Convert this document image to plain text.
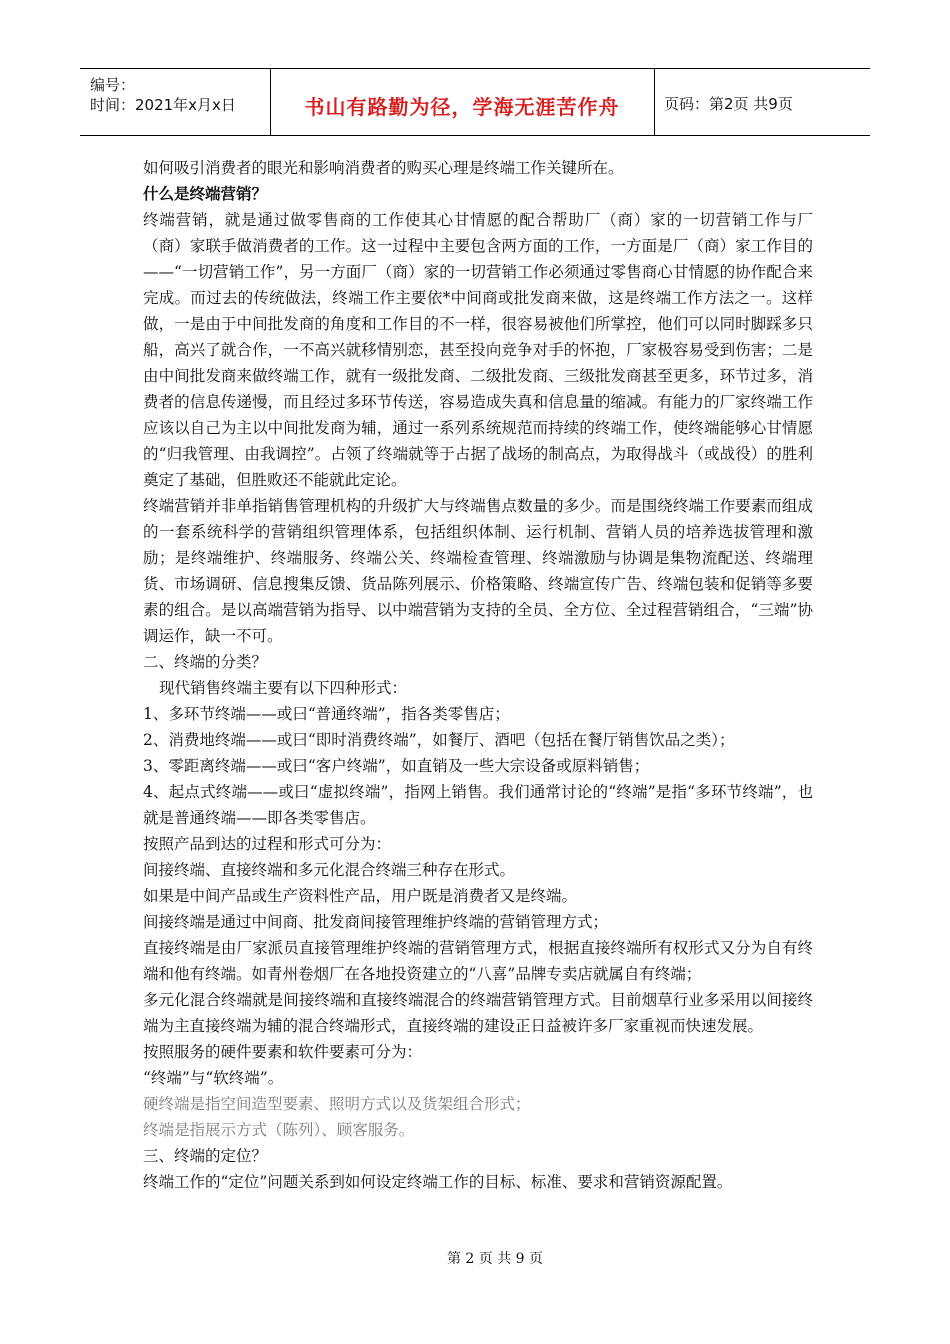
编号：
时间：2021年x月x日	书山有路勤为径，学海无涯苦作舟	页码：第2页 共9页

如何吸引消费者的眼光和影响消费者的购买心理是终端工作关键所在。

什么是终端营销？

终端营销，就是通过做零售商的工作使其心甘情愿的配合帮助厂（商）家的一切营销工作与厂（商）家联手做消费者的工作。这一过程中主要包含两方面的工作，一方面是厂（商）家工作目的——“一切营销工作”，另一方面厂（商）家的一切营销工作必须通过零售商心甘情愿的协作配合来完成。而过去的传统做法，终端工作主要依*中间商或批发商来做，这是终端工作方法之一。这样做，一是由于中间批发商的角度和工作目的不一样，很容易被他们所掌控，他们可以同时脚踩多只船，高兴了就合作，一不高兴就移情别恋，甚至投向竞争对手的怀抱，厂家极容易受到伤害；二是由中间批发商来做终端工作，就有一级批发商、二级批发商、三级批发商甚至更多，环节过多，消费者的信息传递慢，而且经过多环节传送，容易造成失真和信息量的缩减。有能力的厂家终端工作应该以自己为主以中间批发商为辅，通过一系列系统规范而持续的终端工作，使终端能够心甘情愿的“归我管理、由我调控”。占领了终端就等于占据了战场的制高点，为取得战斗（或战役）的胜利奠定了基础，但胜败还不能就此定论。

终端营销并非单指销售管理机构的升级扩大与终端售点数量的多少。而是围绕终端工作要素而组成的一套系统科学的营销组织管理体系，包括组织体制、运行机制、营销人员的培养选拔管理和激励；是终端维护、终端服务、终端公关、终端检查管理、终端激励与协调是集物流配送、终端理货、市场调研、信息搜集反馈、货品陈列展示、价格策略、终端宣传广告、终端包装和促销等多要素的组合。是以高端营销为指导、以中端营销为支持的全员、全方位、全过程营销组合，“三端”协调运作，缺一不可。

二、终端的分类？

现代销售终端主要有以下四种形式：

1、多环节终端——或曰“普通终端”，指各类零售店；

2、消费地终端——或曰“即时消费终端”，如餐厅、酒吧（包括在餐厅销售饮品之类）；

3、零距离终端——或曰“客户终端”，如直销及一些大宗设备或原料销售；

4、起点式终端——或曰“虚拟终端”，指网上销售。我们通常讨论的“终端”是指“多环节终端”，也就是普通终端——即各类零售店。

按照产品到达的过程和形式可分为：

间接终端、直接终端和多元化混合终端三种存在形式。

如果是中间产品或生产资料性产品，用户既是消费者又是终端。

间接终端是通过中间商、批发商间接管理维护终端的营销管理方式；

直接终端是由厂家派员直接管理维护终端的营销管理方式，根据直接终端所有权形式又分为自有终端和他有终端。如青州卷烟厂在各地投资建立的“八喜”品牌专卖店就属自有终端；

多元化混合终端就是间接终端和直接终端混合的终端营销管理方式。目前烟草行业多采用以间接终端为主直接终端为辅的混合终端形式，直接终端的建设正日益被许多厂家重视而快速发展。

按照服务的硬件要素和软件要素可分为：

“终端”与“软终端”。

硬终端是指空间造型要素、照明方式以及货架组合形式；

终端是指展示方式（陈列）、顾客服务。

三、终端的定位？

终端工作的“定位”问题关系到如何设定终端工作的目标、标准、要求和营销资源配置。

第 2 页 共 9 页
